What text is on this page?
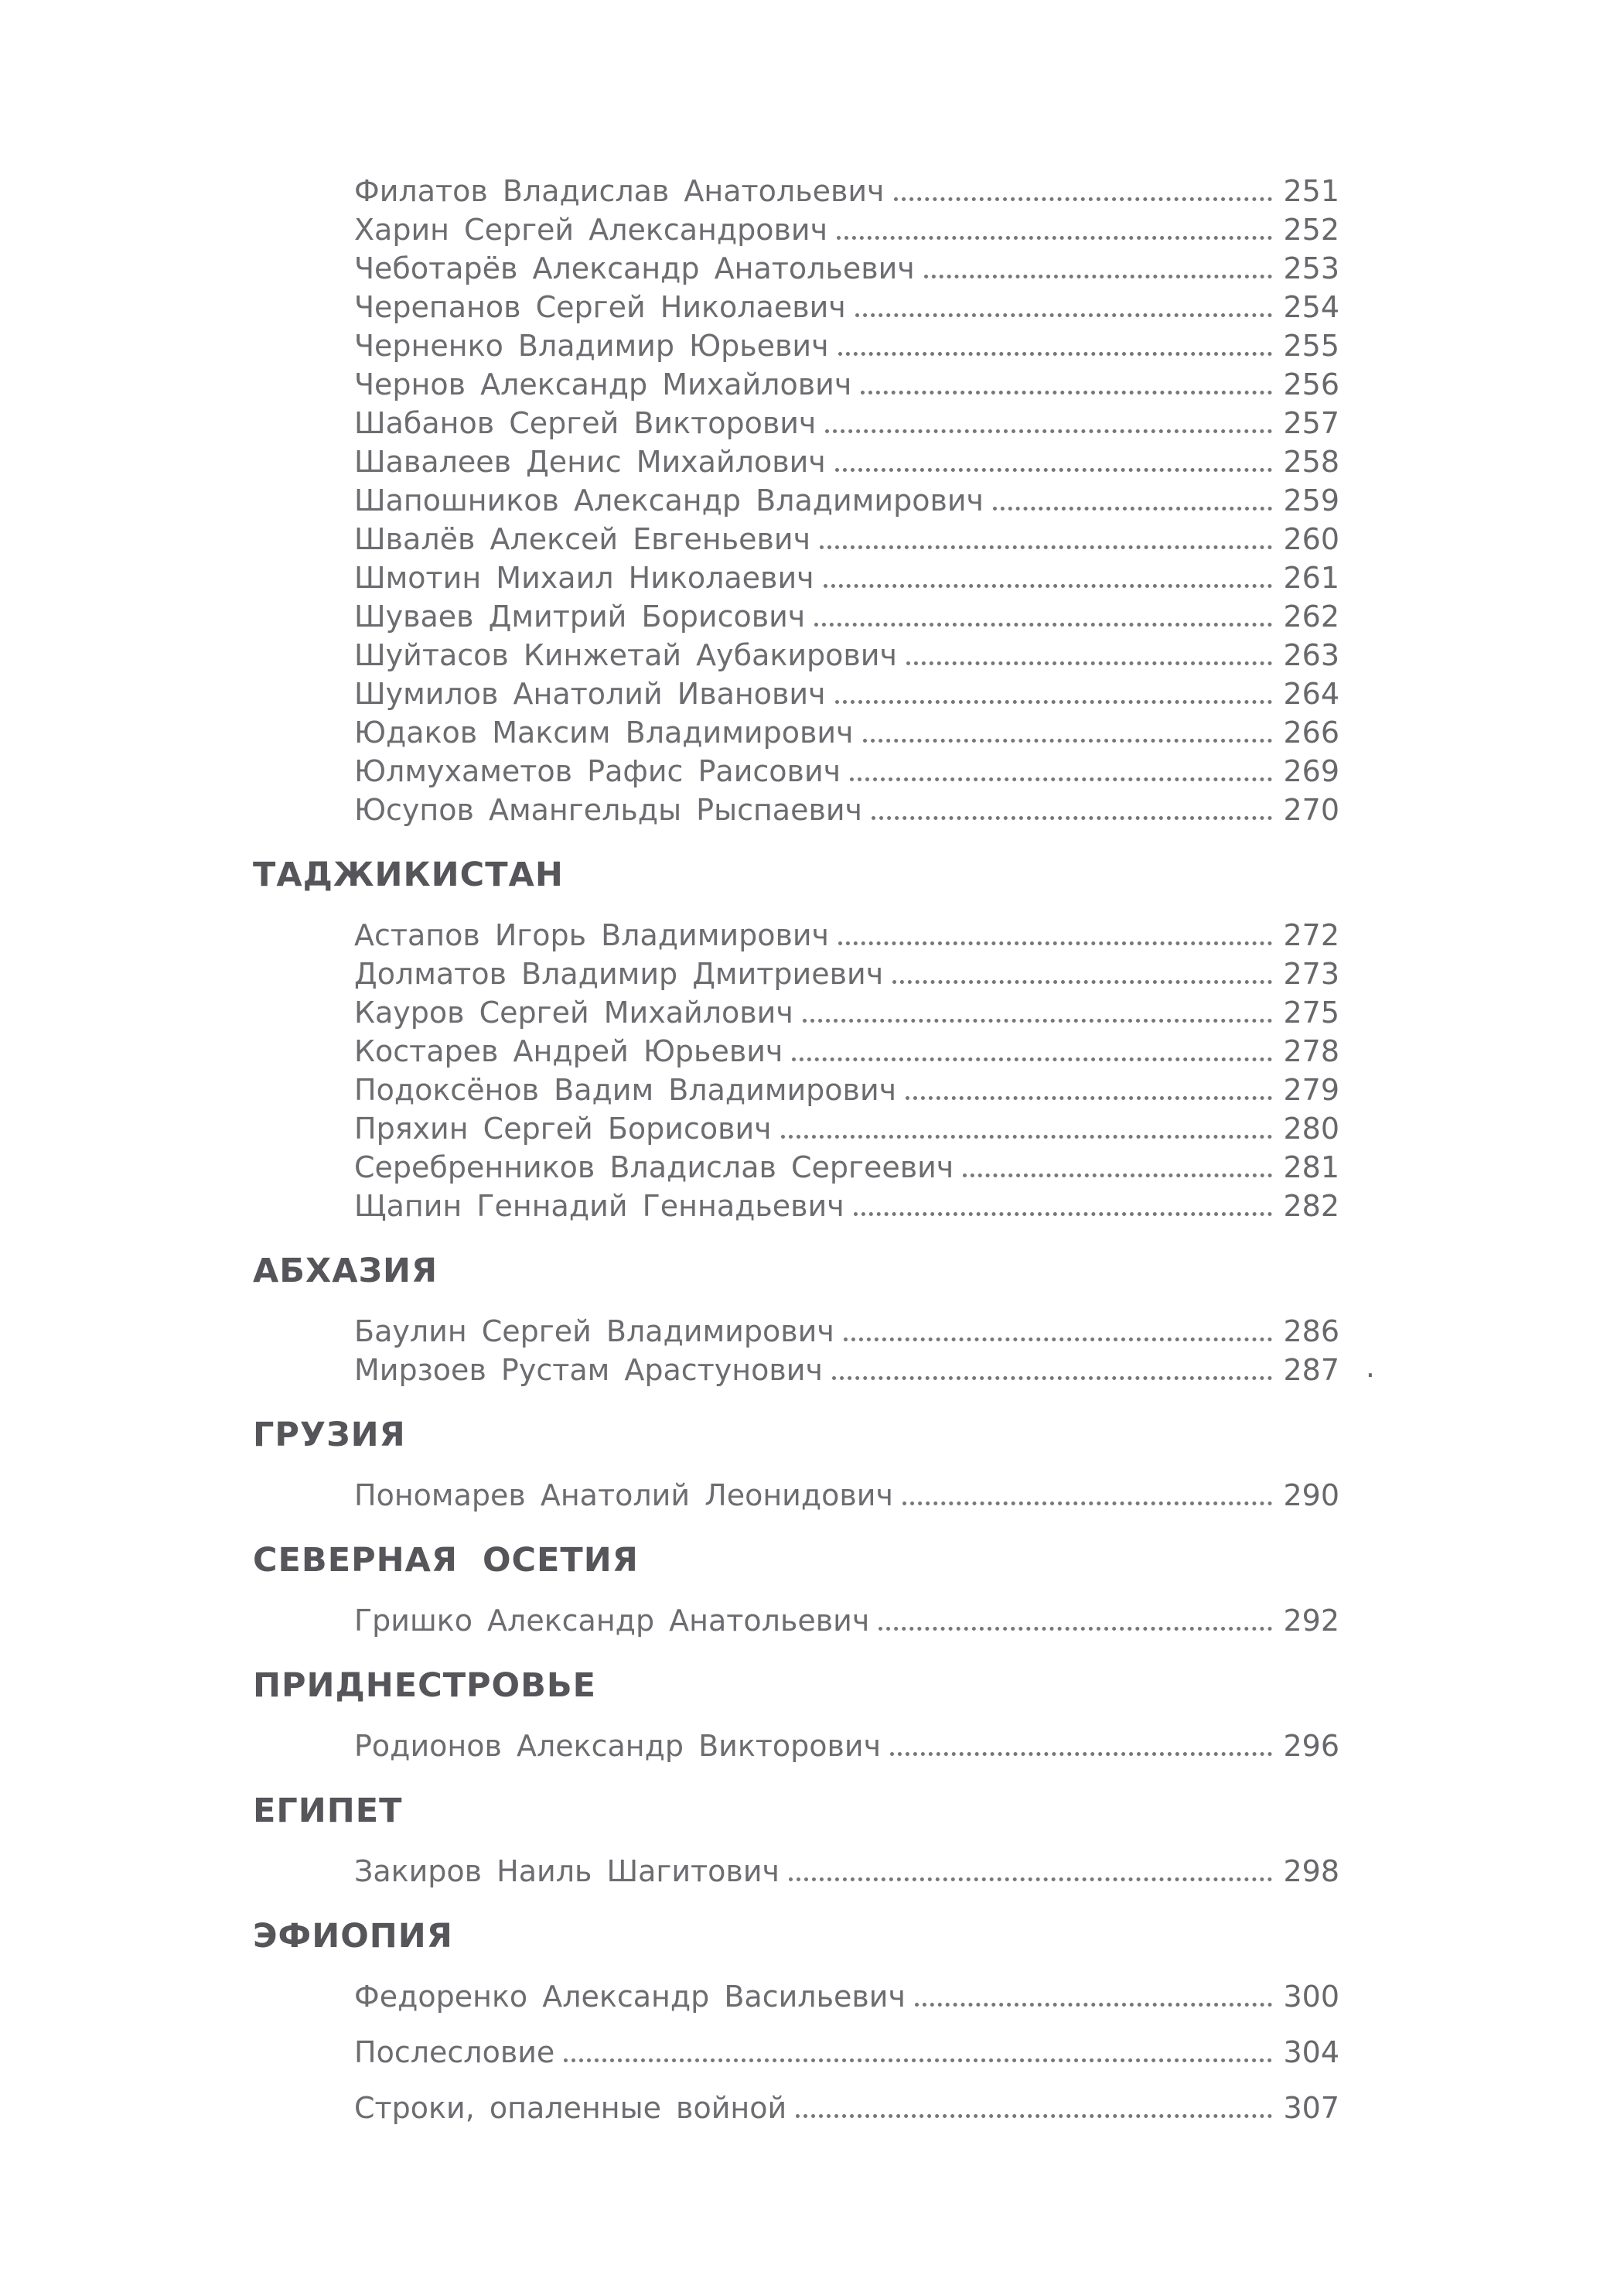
Филатов Владислав Анатольевич	251
Харин Сергей Александрович	252
Чеботарёв Александр Анатольевич	253
Черепанов Сергей Николаевич	254
Черненко Владимир Юрьевич	255
Чернов Александр Михайлович	256
Шабанов Сергей Викторович	257
Шавалеев Денис Михайлович	258
Шапошников Александр Владимирович	259
Швалёв Алексей Евгеньевич	260
Шмотин Михаил Николаевич	261
Шуваев Дмитрий Борисович	262
Шуйтасов Кинжетай Аубакирович	263
Шумилов Анатолий Иванович	264
Юдаков Максим Владимирович	266
Юлмухаметов Рафис Раисович	269
Юсупов Амангельды Рыспаевич	270
ТАДЖИКИСТАН
Астапов Игорь Владимирович	272
Долматов Владимир Дмитриевич	273
Кауров Сергей Михайлович	275
Костарев Андрей Юрьевич	278
Подоксёнов Вадим Владимирович	279
Пряхин Сергей Борисович	280
Серебренников Владислав Сергеевич	281
Щапин Геннадий Геннадьевич	282
АБХАЗИЯ
Баулин Сергей Владимирович	286
Мирзоев Рустам Арастунович	287 .
ГРУЗИЯ
Пономарев Анатолий Леонидович	290
СЕВЕРНАЯ ОСЕТИЯ
Гришко Александр Анатольевич	292
ПРИДНЕСТРОВЬЕ
Родионов Александр Викторович	296
ЕГИПЕТ
Закиров Наиль Шагитович	298
ЭФИОПИЯ
Федоренко Александр Васильевич	300
Послесловие	304
Строки, опаленные войной	307
